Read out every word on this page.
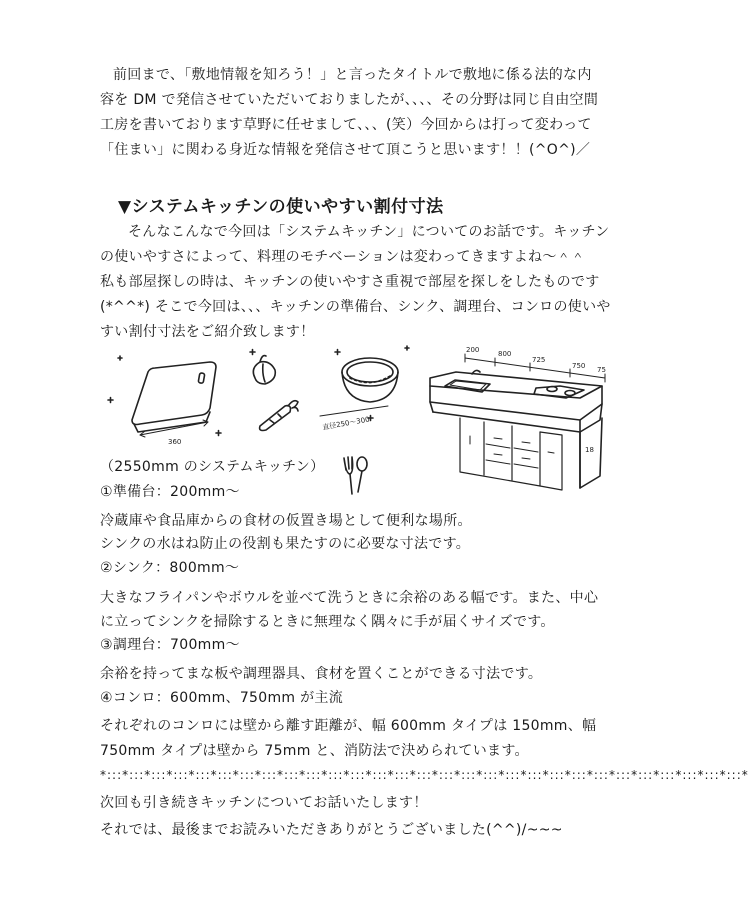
前回まで、「敷地情報を知ろう！」と言ったタイトルで敷地に係る法的な内
容を DM で発信させていただいておりましたが、、、、その分野は同じ自由空間
工房を書いております草野に任せまして、、、(笑）今回からは打って変わって
「住まい」に関わる身近な情報を発信させて頂こうと思います！！(^O^)／
▼システムキッチンの使いやすい割付寸法
そんなこんなで今回は「システムキッチン」についてのお話です。キッチン
の使いやすさによって、料理のモチベーションは変わってきますよね～＾＾
私も部屋探しの時は、キッチンの使いやすさ重視で部屋を探しをしたものです
(*^^*) そこで今回は、、、キッチンの準備台、シンク、調理台、コンロの使いや
すい割付寸法をご紹介致します！
360
直径250～300
18
200	800
725
750 75
（2550mm のシステムキッチン）
①準備台：200mm～
冷蔵庫や食品庫からの食材の仮置き場として便利な場所。
シンクの水はね防止の役割も果たすのに必要な寸法です。
②シンク：800mm～
大きなフライパンやボウルを並べて洗うときに余裕のある幅です。また、中心
に立ってシンクを掃除するときに無理なく隅々に手が届くサイズです。
③調理台：700mm～
余裕を持ってまな板や調理器具、食材を置くことができる寸法です。
④コンロ：600mm、750mm が主流
それぞれのコンロには壁から離す距離が、幅 600mm タイプは 150mm、幅
750mm タイプは壁から 75mm と、消防法で決められています。
*:::*:::*:::*:::*:::*:::*:::*:::*:::*:::*:::*:::*:::*:::*:::*:::*:::*:::*:::*:::*:::*:::*:::*:::*:::*:::*:::*:::*:::*
次回も引き続きキッチンについてお話いたします！
それでは、最後までお読みいただきありがとうございました(^^)/~~~
